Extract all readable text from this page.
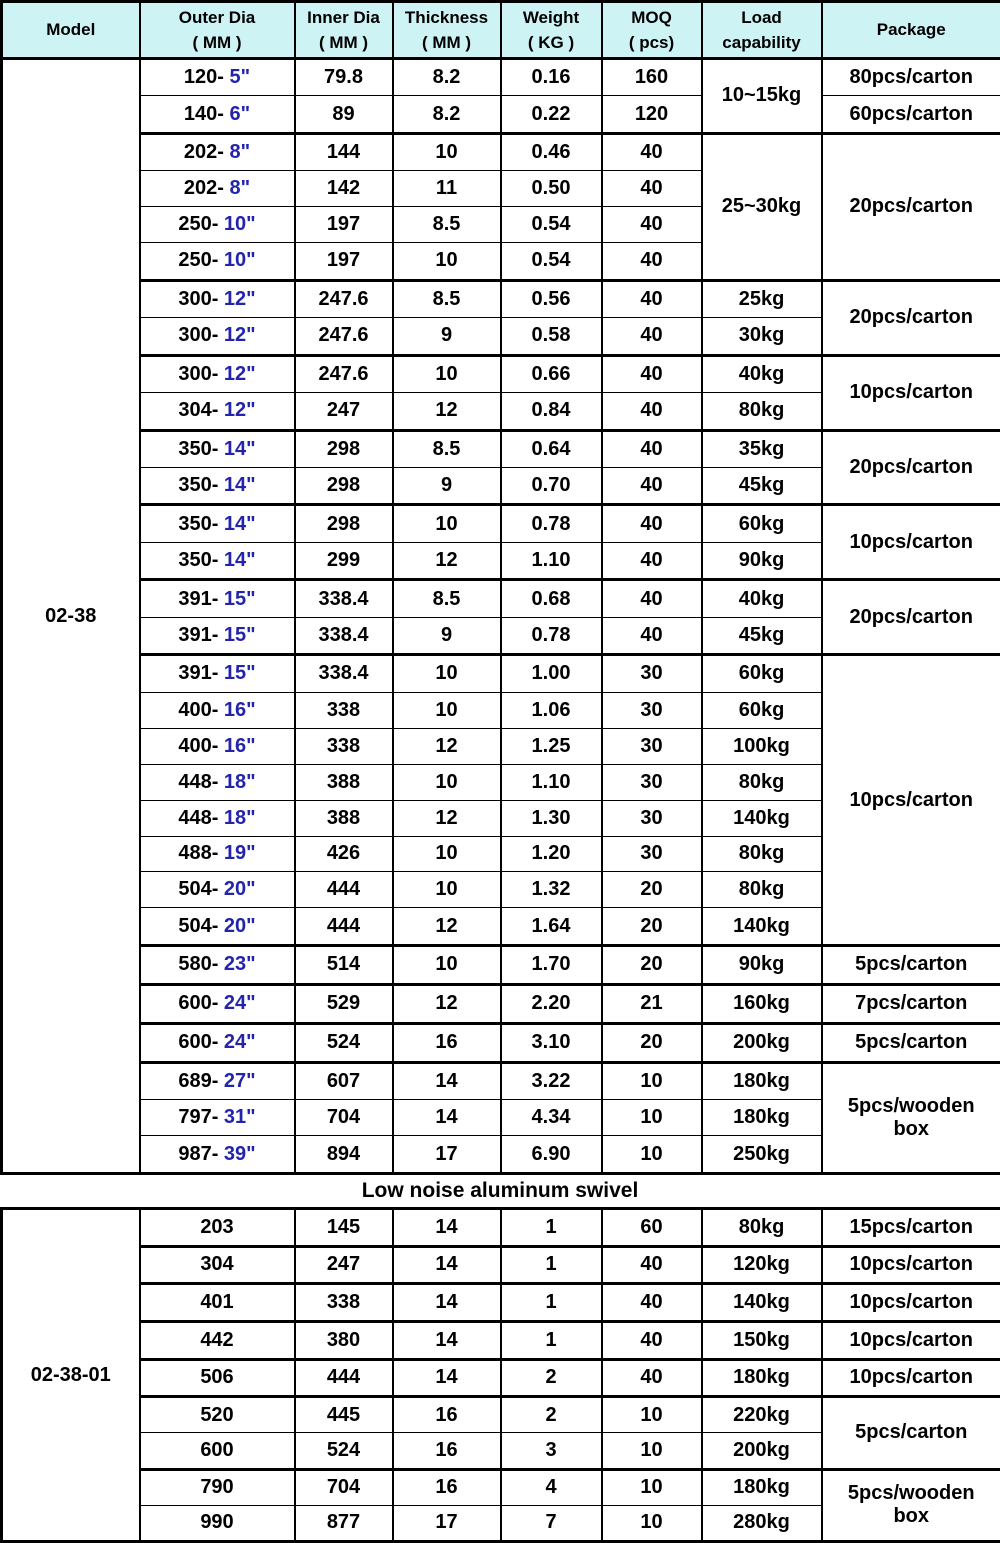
Model

Outer Dia
( MM )

Inner Dia
( MM )

Thickness
( MM )

Weight
( KG )

MOQ
( pcs)

Load
capability

Package

02-38	120- 5"	79.8	8.2	0.16	160	10~15kg	80pcs/carton
	140- 6"	89	8.2	0.22	120		60pcs/carton
	202- 8"	144	10	0.46	40	25~30kg	20pcs/carton
	202- 8"	142	11	0.50	40		
	250- 10"	197	8.5	0.54	40		
	250- 10"	197	10	0.54	40		
	300- 12"	247.6	8.5	0.56	40	25kg	20pcs/carton
	300- 12"	247.6	9	0.58	40	30kg	
	300- 12"	247.6	10	0.66	40	40kg	10pcs/carton
	304- 12"	247	12	0.84	40	80kg	
	350- 14"	298	8.5	0.64	40	35kg	20pcs/carton
	350- 14"	298	9	0.70	40	45kg	
	350- 14"	298	10	0.78	40	60kg	10pcs/carton
	350- 14"	299	12	1.10	40	90kg	
	391- 15"	338.4	8.5	0.68	40	40kg	20pcs/carton
	391- 15"	338.4	9	0.78	40	45kg	
	391- 15"	338.4	10	1.00	30	60kg	10pcs/carton
	400- 16"	338	10	1.06	30	60kg	
	400- 16"	338	12	1.25	30	100kg	
	448- 18"	388	10	1.10	30	80kg	
	448- 18"	388	12	1.30	30	140kg	
	488- 19"	426	10	1.20	30	80kg	
	504- 20"	444	10	1.32	20	80kg	
	504- 20"	444	12	1.64	20	140kg	
	580- 23"	514	10	1.70	20	90kg	5pcs/carton
	600- 24"	529	12	2.20	21	160kg	7pcs/carton
	600- 24"	524	16	3.10	20	200kg	5pcs/carton
	689- 27"	607	14	3.22	10	180kg	5pcs/wooden box
	797- 31"	704	14	4.34	10	180kg	
	987- 39"	894	17	6.90	10	250kg	
Low noise aluminum swivel
02-38-01	203	145	14	1	60	80kg	15pcs/carton
	304	247	14	1	40	120kg	10pcs/carton
	401	338	14	1	40	140kg	10pcs/carton
	442	380	14	1	40	150kg	10pcs/carton
	506	444	14	2	40	180kg	10pcs/carton
	520	445	16	2	10	220kg	5pcs/carton
	600	524	16	3	10	200kg	
	790	704	16	4	10	180kg	5pcs/wooden box
	990	877	17	7	10	280kg	
